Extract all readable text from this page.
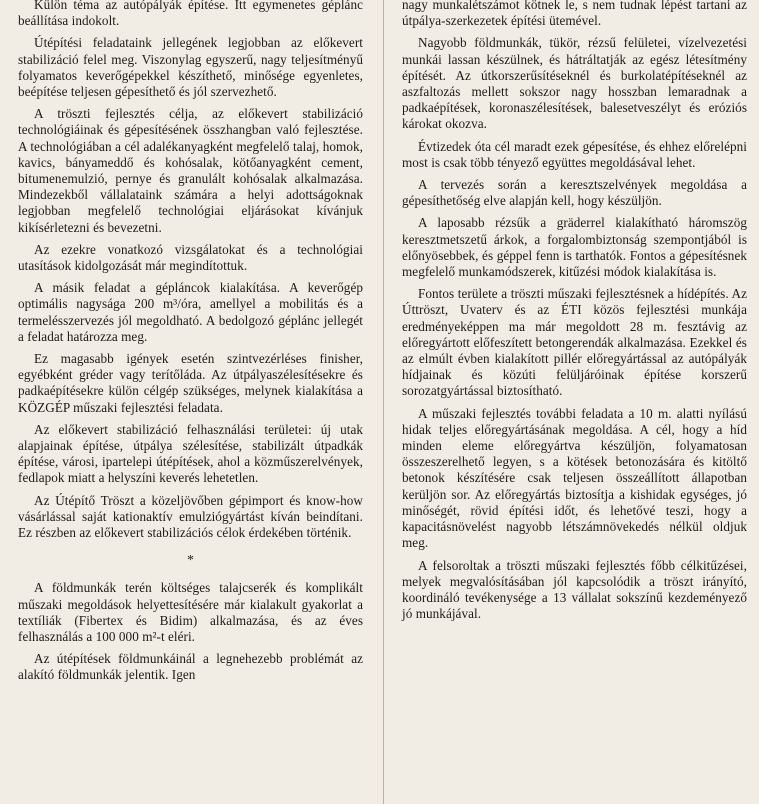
Külön téma az autópályák építése. Itt egymenetes géplánc beállítása indokolt.

Útépítési feladataink jellegének legjobban az előkevert stabilizáció felel meg. Viszonylag egyszerű, nagy teljesítményű folyamatos keverőgépekkel készíthető, minősége egyenletes, beépítése teljesen gépesíthető és jól szervezhető.

A tröszti fejlesztés célja, az előkevert stabilizáció technológiáinak és gépesítésének összhangban való fejlesztése. A technológiában a cél adalékanyagként megfelelő talaj, homok, kavics, bányameddő és kohósalak, kötőanyagként cement, bitumenemulzió, pernye és granulált kohósalak alkalmazása. Mindezekből vállalataink számára a helyi adottságoknak legjobban megfelelő technológiai eljárásokat kívánjuk kikísérletezni és bevezetni.

Az ezekre vonatkozó vizsgálatokat és a technológiai utasítások kidolgozását már megindítottuk.

A másik feladat a gépláncok kialakítása. A keverőgép optimális nagysága 200 m³/óra, amellyel a mobilitás és a termelésszervezés jól megoldható. A bedolgozó géplánc jellegét a feladat határozza meg.

Ez magasabb igények esetén szintvezérléses finisher, egyébként gréder vagy terítőláda. Az útpályaszélesítésekre és padkaépítésekre külön célgép szükséges, melynek kialakítása a KÖZGÉP műszaki fejlesztési feladata.

Az előkevert stabilizáció felhasználási területei: új utak alapjainak építése, útpálya szélesítése, stabilizált útpadkák építése, városi, ipartelepi útépítések, ahol a közműszerelvények, fedlapok miatt a helyszíni keverés lehetetlen.

Az Útépítő Tröszt a közeljövőben gépimport és know-how vásárlással saját kationaktív emulziógyártást kíván beindítani. Ez részben az előkevert stabilizációs célok érdekében történik.

*

A földmunkák terén költséges talajcserék és komplikált műszaki megoldások helyettesítésére már kialakult gyakorlat a textíliák (Fibertex és Bidim) alkalmazása, és az éves felhasználás a 100 000 m²-t eléri.

Az útépítések földmunkáinál a legnehezebb problémát az alakító földmunkák jelentik. Igen

nagy munkalétszámot kötnek le, s nem tudnak lépést tartani az útpálya-szerkezetek építési ütemével.

Nagyobb földmunkák, tükör, rézsű felületei, vízelvezetési munkái lassan készülnek, és hátráltatják az egész létesítmény építését. Az útkorszerűsítéseknél és burkolatépítéseknél az aszfaltozás mellett sokszor nagy hosszban lemaradnak a padkaépítések, koronaszélesítések, balesetveszélyt és eróziós károkat okozva.

Évtizedek óta cél maradt ezek gépesítése, és ehhez előrelépni most is csak több tényező együttes megoldásával lehet.

A tervezés során a keresztszelvények megoldása a gépesíthetőség elve alapján kell, hogy készüljön.

A laposabb rézsűk a gräderrel kialakítható háromszög keresztmetszetű árkok, a forgalombiztonság szempontjából is előnyösebbek, és géppel fenn is tarthatók. Fontos a gépesítésnek megfelelő munkamódszerek, kitűzési módok kialakítása is.

Fontos területe a tröszti műszaki fejlesztésnek a hídépítés. Az Úttröszt, Uvaterv és az ÉTI közös fejlesztési munkája eredményeképpen ma már megoldott 28 m. fesztávig az előregyártott előfeszített betongerendák alkalmazása. Ezekkel és az elmúlt évben kialakított pillér előregyártással az autópályák hídjainak és közúti felüljáróinak építése korszerű sorozatgyártással biztosítható.

A műszaki fejlesztés további feladata a 10 m. alatti nyílású hidak teljes előregyártásának megoldása. A cél, hogy a híd minden eleme előregyártva készüljön, folyamatosan összeszerelhető legyen, s a kötések betonozására és kitöltő betonok készítésére csak teljesen összeállított állapotban kerüljön sor. Az előregyártás biztosítja a kishidak egységes, jó minőségét, rövid építési időt, és lehetővé teszi, hogy a kapacitásnövelést nagyobb létszámnövekedés nélkül oldjuk meg.

A felsoroltak a tröszti műszaki fejlesztés főbb célkitűzései, melyek megvalósításában jól kapcsolódik a tröszt irányító, koordináló tevékenysége a 13 vállalat sokszínű kezdeményező jó munkájával.
